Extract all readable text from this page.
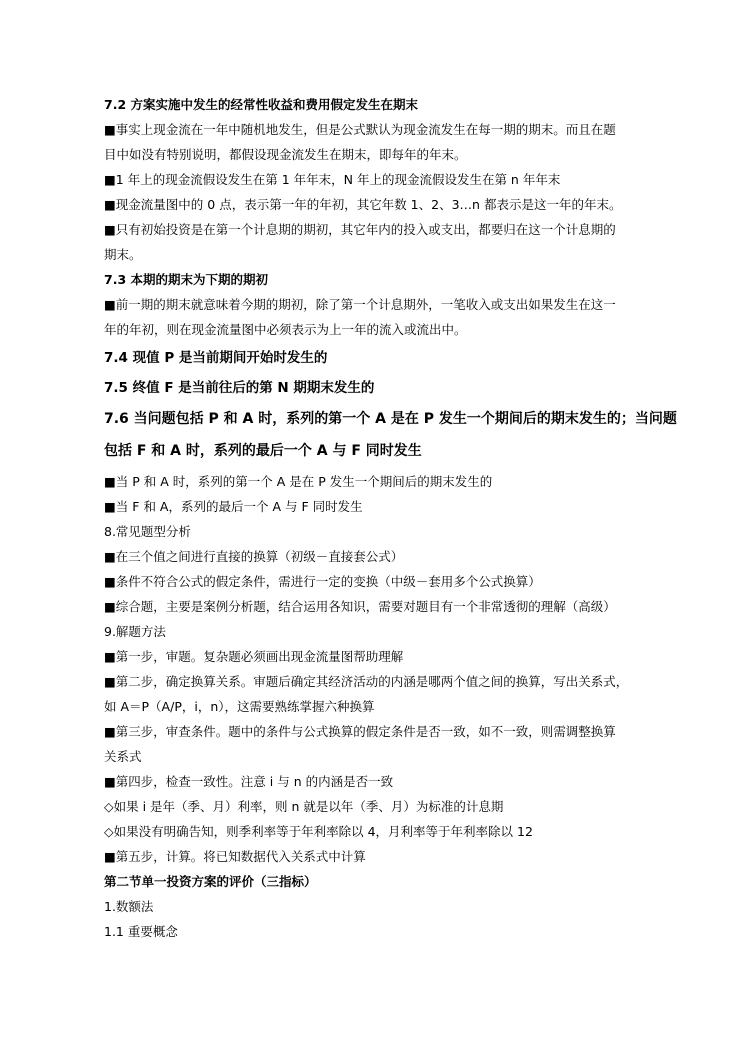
7.2 方案实施中发生的经常性收益和费用假定发生在期末
■事实上现金流在一年中随机地发生，但是公式默认为现金流发生在每一期的期末。而且在题
目中如没有特别说明，都假设现金流发生在期末，即每年的年末。
■1 年上的现金流假设发生在第 1 年年末，N 年上的现金流假设发生在第 n 年年末
■现金流量图中的 0 点，表示第一年的年初，其它年数 1、2、3…n 都表示是这一年的年末。
■只有初始投资是在第一个计息期的期初，其它年内的投入或支出，都要归在这一个计息期的
期末。
7.3 本期的期末为下期的期初
■前一期的期末就意味着今期的期初，除了第一个计息期外，一笔收入或支出如果发生在这一
年的年初，则在现金流量图中必须表示为上一年的流入或流出中。
7.4 现值 P 是当前期间开始时发生的
7.5 终值 F 是当前往后的第 N 期期末发生的
7.6 当问题包括 P 和 A 时，系列的第一个 A 是在 P 发生一个期间后的期末发生的；当问题
包括 F 和 A 时，系列的最后一个 A 与 F 同时发生
■当 P 和 A 时，系列的第一个 A 是在 P 发生一个期间后的期末发生的
■当 F 和 A，系列的最后一个 A 与 F 同时发生
8.常见题型分析
■在三个值之间进行直接的换算（初级－直接套公式）
■条件不符合公式的假定条件，需进行一定的变换（中级－套用多个公式换算）
■综合题，主要是案例分析题，结合运用各知识，需要对题目有一个非常透彻的理解（高级）
9.解题方法
■第一步，审题。复杂题必须画出现金流量图帮助理解
■第二步，确定换算关系。审题后确定其经济活动的内涵是哪两个值之间的换算，写出关系式，
如 A＝P（A/P，i，n），这需要熟练掌握六种换算
■第三步，审查条件。题中的条件与公式换算的假定条件是否一致，如不一致，则需调整换算
关系式
■第四步，检查一致性。注意 i 与 n 的内涵是否一致
◇如果 i 是年（季、月）利率，则 n 就是以年（季、月）为标准的计息期
◇如果没有明确告知，则季利率等于年利率除以 4，月利率等于年利率除以 12
■第五步，计算。将已知数据代入关系式中计算
第二节单一投资方案的评价（三指标）
1.数额法
1.1 重要概念
